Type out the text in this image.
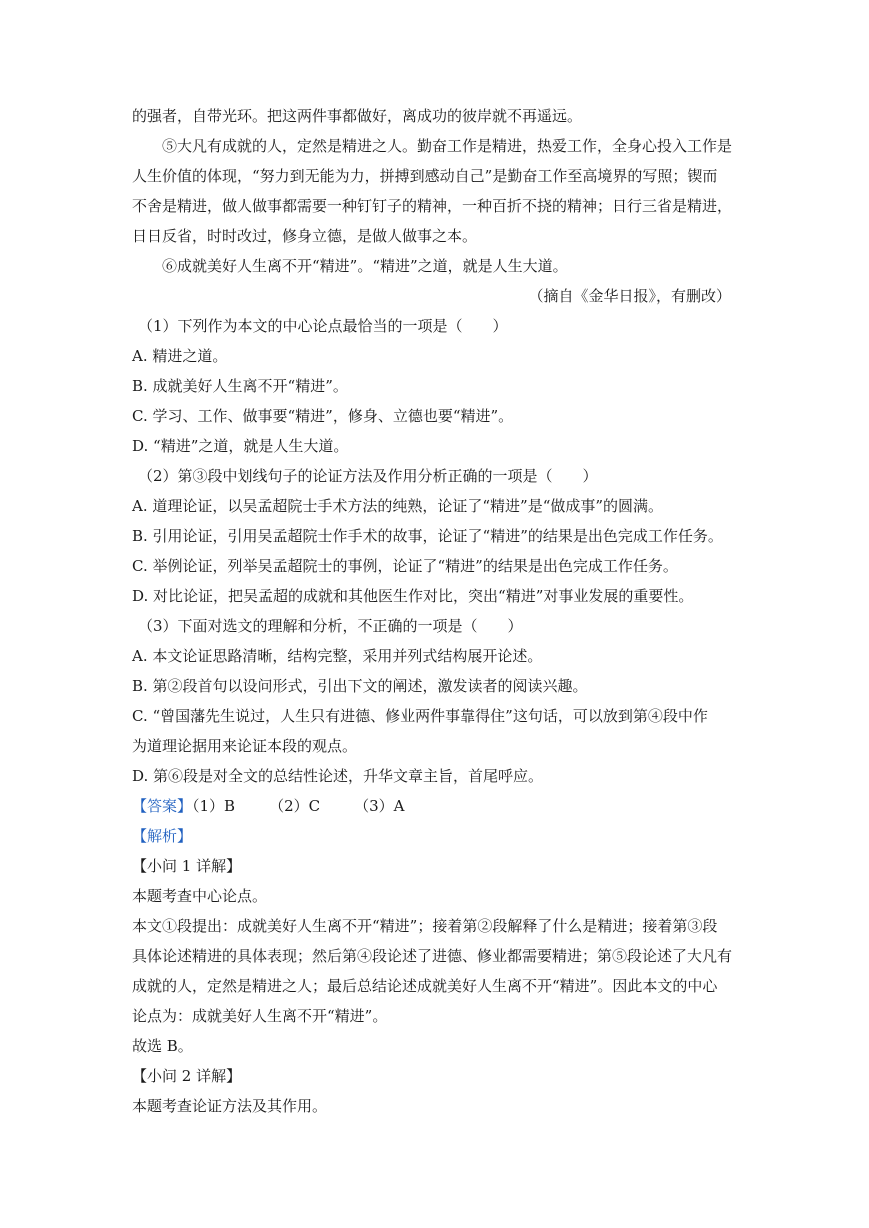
的强者，自带光环。把这两件事都做好，离成功的彼岸就不再遥远。
⑤大凡有成就的人，定然是精进之人。勤奋工作是精进，热爱工作，全身心投入工作是
人生价值的体现，“努力到无能为力，拼搏到感动自己”是勤奋工作至高境界的写照；锲而
不舍是精进，做人做事都需要一种钉钉子的精神，一种百折不挠的精神；日行三省是精进，
日日反省，时时改过，修身立德，是做人做事之本。
⑥成就美好人生离不开“精进”。“精进”之道，就是人生大道。
（摘自《金华日报》，有删改）
（1）下列作为本文的中心论点最恰当的一项是（　　）
A. 精进之道。
B. 成就美好人生离不开“精进”。
C. 学习、工作、做事要“精进”，修身、立德也要“精进”。
D. “精进”之道，就是人生大道。
（2）第③段中划线句子的论证方法及作用分析正确的一项是（　　）
A. 道理论证，以吴孟超院士手术方法的纯熟，论证了“精进”是“做成事”的圆满。
B. 引用论证，引用吴孟超院士作手术的故事，论证了“精进”的结果是出色完成工作任务。
C. 举例论证，列举吴孟超院士的事例，论证了“精进”的结果是出色完成工作任务。
D. 对比论证，把吴孟超的成就和其他医生作对比，突出“精进”对事业发展的重要性。
（3）下面对选文的理解和分析，不正确的一项是（　　）
A. 本文论证思路清晰，结构完整，采用并列式结构展开论述。
B. 第②段首句以设问形式，引出下文的阐述，激发读者的阅读兴趣。
C. “曾国藩先生说过，人生只有进德、修业两件事靠得住”这句话，可以放到第④段中作
为道理论据用来论证本段的观点。
D. 第⑥段是对全文的总结性论述，升华文章主旨，首尾呼应。
【答案】（1）B （2）C （3）A
【解析】
【小问 1 详解】
本题考查中心论点。
本文①段提出：成就美好人生离不开“精进”；接着第②段解释了什么是精进；接着第③段
具体论述精进的具体表现；然后第④段论述了进德、修业都需要精进；第⑤段论述了大凡有
成就的人，定然是精进之人；最后总结论述成就美好人生离不开“精进”。因此本文的中心
论点为：成就美好人生离不开“精进”。
故选 B。
【小问 2 详解】
本题考查论证方法及其作用。
